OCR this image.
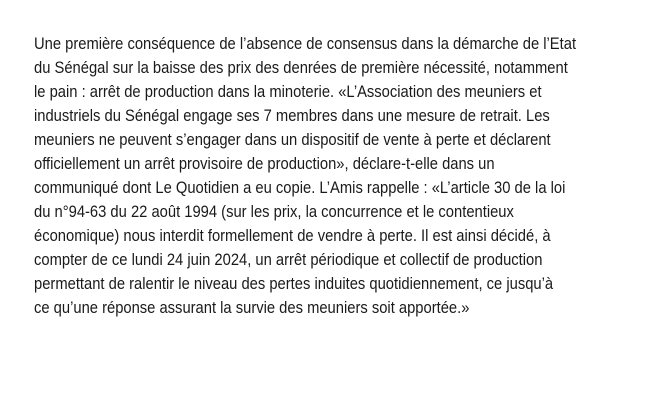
Une première conséquence de l’absence de consensus dans la démarche de l’Etat
du Sénégal sur la baisse des prix des denrées de première nécessité, notamment
le pain : arrêt de production dans la minoterie. «L’Association des meuniers et
industriels du Sénégal engage ses 7 membres dans une mesure de retrait. Les
meuniers ne peuvent s’engager dans un dispositif de vente à perte et déclarent
officiellement un arrêt provisoire de production», déclare-t-elle dans un
communiqué dont Le Quotidien a eu copie. L’Amis rappelle : «L’article 30 de la loi
du n°94-63 du 22 août 1994 (sur les prix, la concurrence et le contentieux
économique) nous interdit formellement de vendre à perte. Il est ainsi décidé, à
compter de ce lundi 24 juin 2024, un arrêt périodique et collectif de production
permettant de ralentir le niveau des pertes induites quotidiennement, ce jusqu’à
ce qu’une réponse assurant la survie des meuniers soit apportée.»
